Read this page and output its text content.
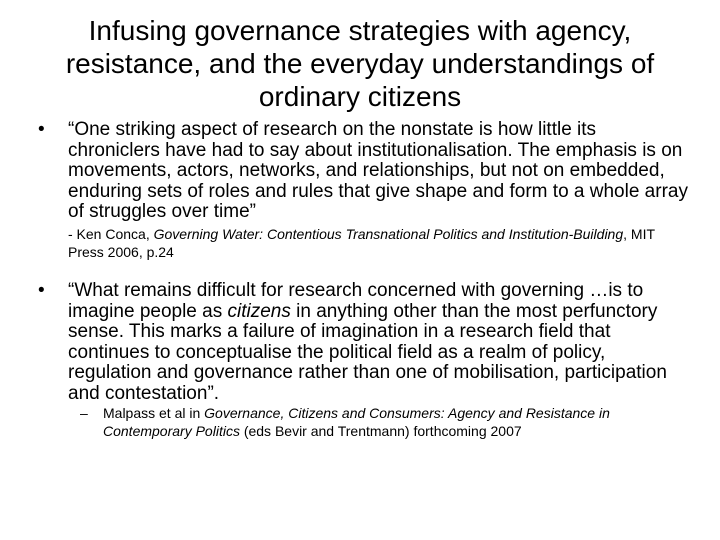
Infusing governance strategies with agency,
resistance, and the everyday understandings of
ordinary citizens
• “One striking aspect of research on the nonstate is how little its chroniclers have had to say about institutionalisation. The emphasis is on movements, actors, networks, and relationships, but not on embedded, enduring sets of roles and rules that give shape and form to a whole array of struggles over time”
- Ken Conca, Governing Water: Contentious Transnational Politics and Institution-Building, MIT Press 2006, p.24
• “What remains difficult for research concerned with governing …is to imagine people as citizens in anything other than the most perfunctory sense. This marks a failure of imagination in a research field that continues to conceptualise the political field as a realm of policy, regulation and governance rather than one of mobilisation, participation and contestation”.
– Malpass et al in Governance, Citizens and Consumers: Agency and Resistance in Contemporary Politics (eds Bevir and Trentmann) forthcoming 2007
